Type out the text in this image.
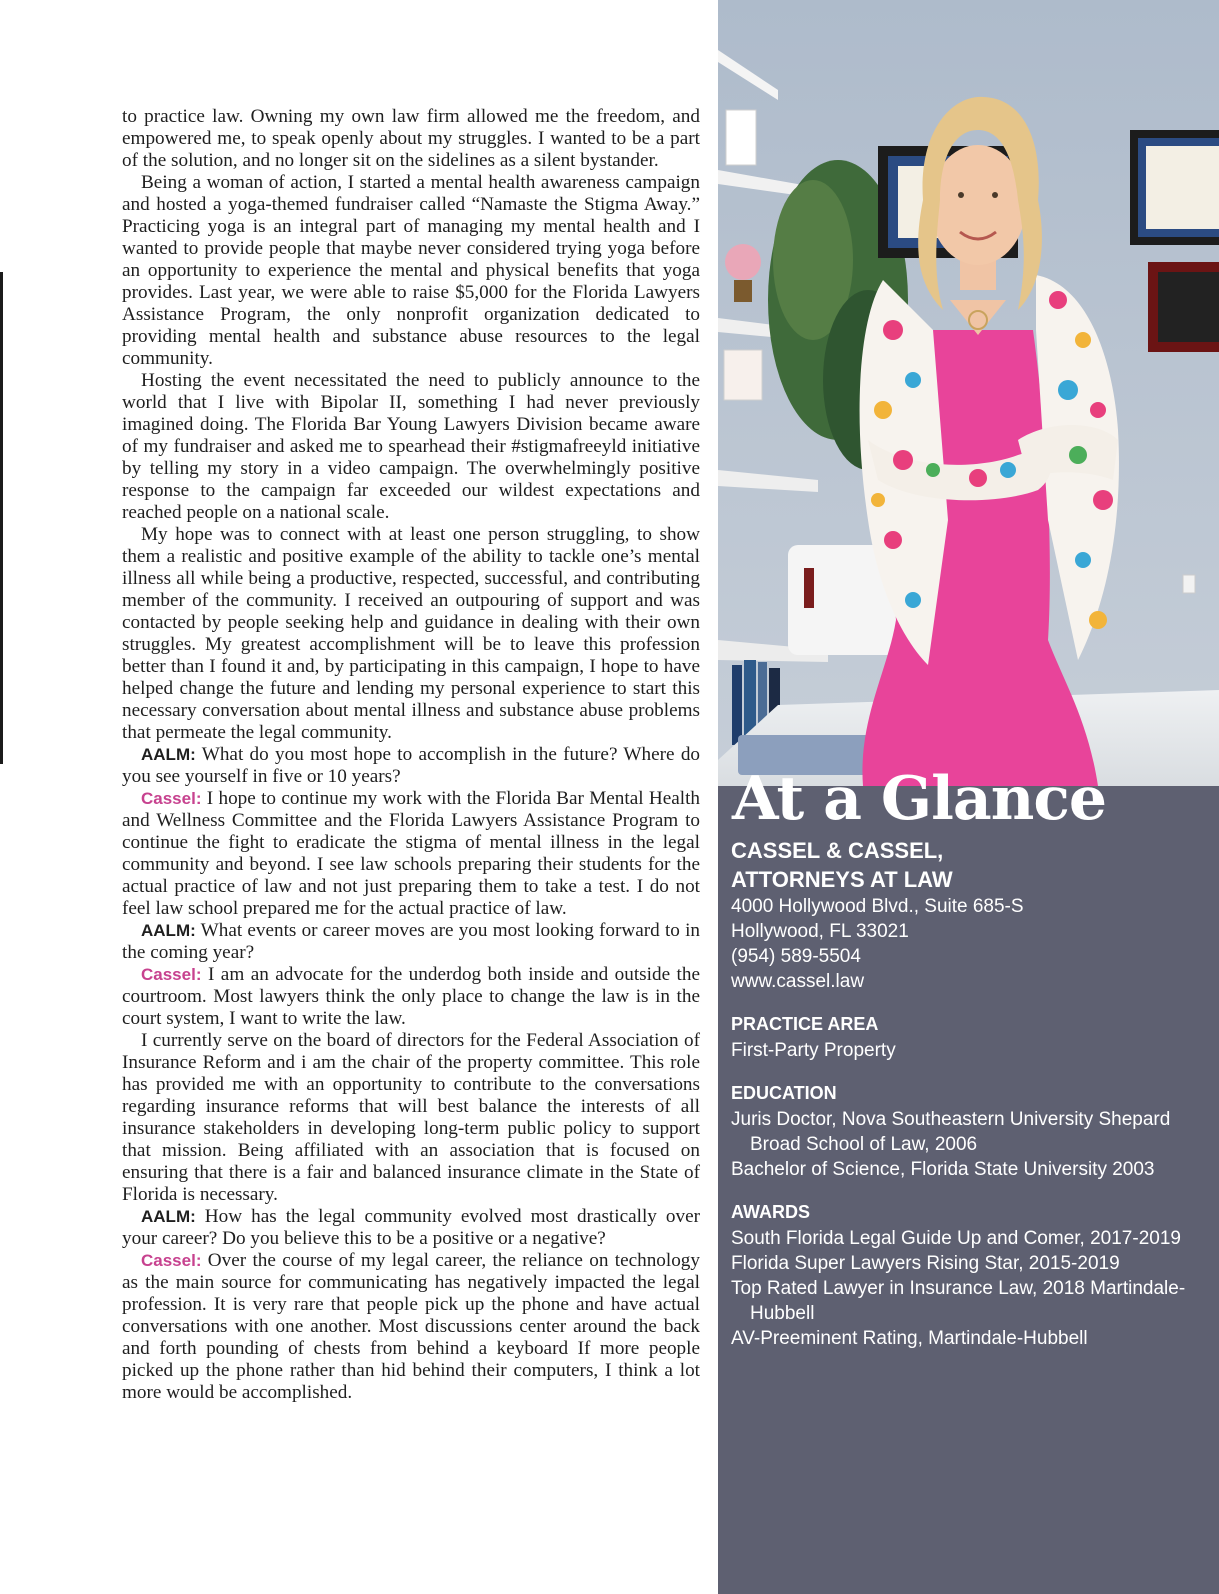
to practice law. Owning my own law firm allowed me the freedom, and empowered me, to speak openly about my struggles. I wanted to be a part of the solution, and no longer sit on the sidelines as a silent bystander.

Being a woman of action, I started a mental health awareness campaign and hosted a yoga-themed fundraiser called “Namaste the Stigma Away.” Practicing yoga is an integral part of managing my mental health and I wanted to provide people that maybe never considered trying yoga before an opportunity to experience the mental and physical benefits that yoga provides. Last year, we were able to raise $5,000 for the Florida Lawyers Assistance Program, the only nonprofit organization dedicated to providing mental health and substance abuse resources to the legal community.

Hosting the event necessitated the need to publicly announce to the world that I live with Bipolar II, something I had never previously imagined doing. The Florida Bar Young Lawyers Division became aware of my fundraiser and asked me to spearhead their #stigmafreeyld initiative by telling my story in a video campaign. The overwhelmingly positive response to the campaign far exceeded our wildest expectations and reached people on a national scale.

My hope was to connect with at least one person struggling, to show them a realistic and positive example of the ability to tackle one’s mental illness all while being a productive, respected, successful, and contributing member of the community. I received an outpouring of support and was contacted by people seeking help and guidance in dealing with their own struggles. My greatest accomplishment will be to leave this profession better than I found it and, by participating in this campaign, I hope to have helped change the future and lending my personal experience to start this necessary conversation about mental illness and substance abuse problems that permeate the legal community.

AALM: What do you most hope to accomplish in the future? Where do you see yourself in five or 10 years?

Cassel: I hope to continue my work with the Florida Bar Mental Health and Wellness Committee and the Florida Lawyers Assistance Program to continue the fight to eradicate the stigma of mental illness in the legal community and beyond. I see law schools preparing their students for the actual practice of law and not just preparing them to take a test. I do not feel law school prepared me for the actual practice of law.

AALM: What events or career moves are you most looking forward to in the coming year?

Cassel: I am an advocate for the underdog both inside and outside the courtroom. Most lawyers think the only place to change the law is in the court system, I want to write the law.

I currently serve on the board of directors for the Federal Association of Insurance Reform and i am the chair of the property committee. This role has provided me with an opportunity to contribute to the conversations regarding insurance reforms that will best balance the interests of all insurance stakeholders in developing long-term public policy to support that mission. Being affiliated with an association that is focused on ensuring that there is a fair and balanced insurance climate in the State of Florida is necessary.

AALM: How has the legal community evolved most drastically over your career? Do you believe this to be a positive or a negative?

Cassel: Over the course of my legal career, the reliance on technology as the main source for communicating has negatively impacted the legal profession. It is very rare that people pick up the phone and have actual conversations with one another. Most discussions center around the back and forth pounding of chests from behind a keyboard If more people picked up the phone rather than hid behind their computers, I think a lot more would be accomplished.

At a Glance
CASSEL & CASSEL,
ATTORNEYS AT LAW
4000 Hollywood Blvd., Suite 685-S
Hollywood, FL 33021
(954) 589-5504
www.cassel.law
PRACTICE AREA
First-Party Property
EDUCATION
Juris Doctor, Nova Southeastern University Shepard Broad School of Law, 2006
Bachelor of Science, Florida State University 2003
AWARDS
South Florida Legal Guide Up and Comer, 2017-2019
Florida Super Lawyers Rising Star, 2015-2019
Top Rated Lawyer in Insurance Law, 2018 Martindale-Hubbell
AV-Preeminent Rating, Martindale-Hubbell
